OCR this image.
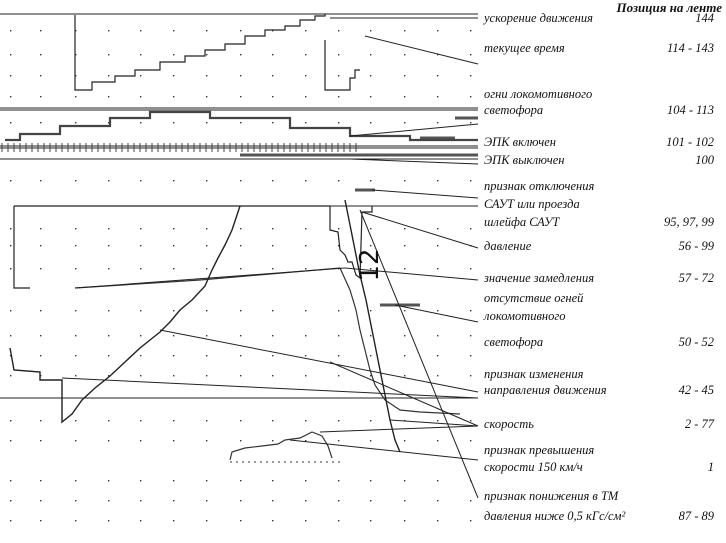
12
Позиция на ленте
ускорение движения	144
текущее время	114 - 143
огни локомотивного
светофора	104 - 113
ЭПК включен	101 - 102
ЭПК выключен	100
признак отключения
САУТ или проезда
шлейфа САУТ	95, 97, 99
давление	56 - 99
значение замедления	57 - 72
отсутствие огней
локомотивного
светофора	50 - 52
признак изменения
направления движения	42 - 45
скорость	2 - 77
признак превышения
скорости 150 км/ч	1
признак понижения в ТМ
давления ниже 0,5 кГс/см²	87 - 89
